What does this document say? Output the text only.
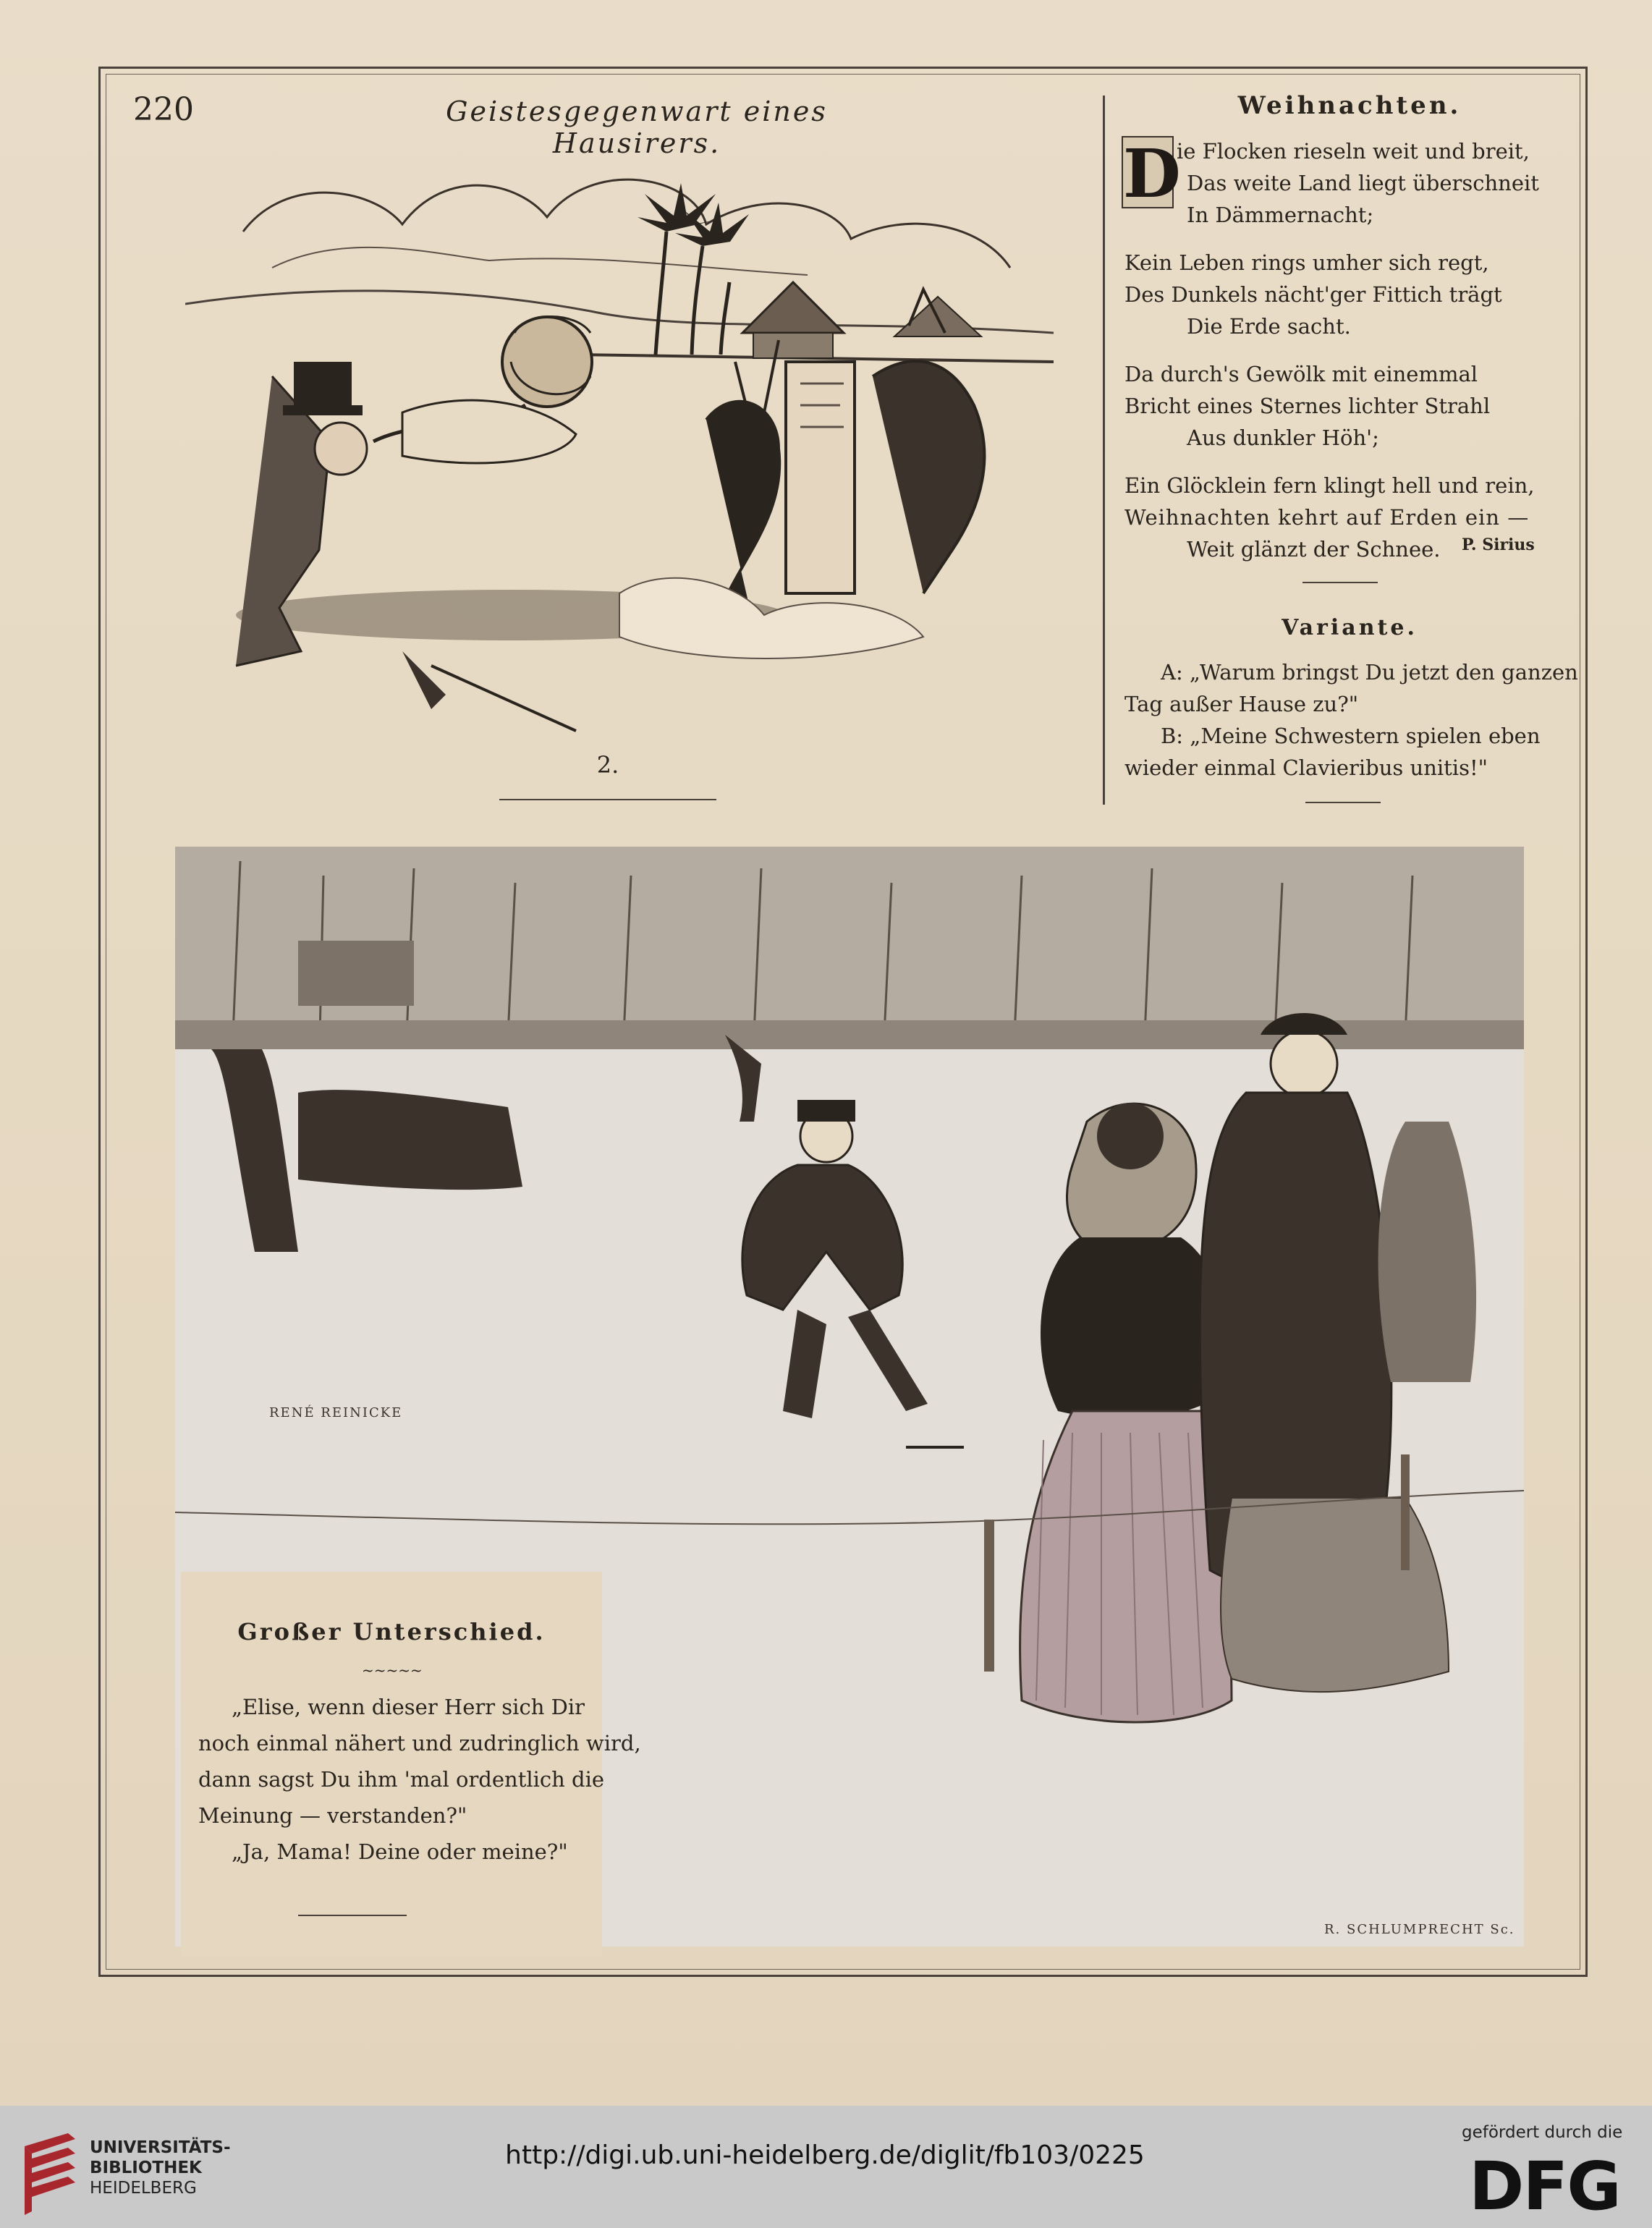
220	Geistesgegenwart eines Hausirers.
2.
Weihnachten.
D
ie Flocken rieseln weit und breit,
Das weite Land liegt überschneit
In Dämmernacht;
Kein Leben rings umher sich regt,
Des Dunkels nächt'ger Fittich trägt
Die Erde sacht.
Da durch's Gewölk mit einemmal
Bricht eines Sternes lichter Strahl
Aus dunkler Höh';
Ein Glöcklein fern klingt hell und rein,
Weihnachten kehrt auf Erden ein —
Weit glänzt der Schnee. P. Sirius
Variante.
A: „Warum bringst Du jetzt den ganzen
Tag außer Hause zu?"
B: „Meine Schwestern spielen eben
wieder einmal Clavieribus unitis!"
RENÉ REINICKE
R. SCHLUMPRECHT Sc.
Großer Unterschied.
~~~~~
„Elise, wenn dieser Herr sich Dir
noch einmal nähert und zudringlich wird,
dann sagst Du ihm 'mal ordentlich die
Meinung — verstanden?"
„Ja, Mama! Deine oder meine?"
UNIVERSITÄTS-
BIBLIOTHEK
HEIDELBERG
http://digi.ub.uni-heidelberg.de/diglit/fb103/0225
gefördert durch die
DFG
